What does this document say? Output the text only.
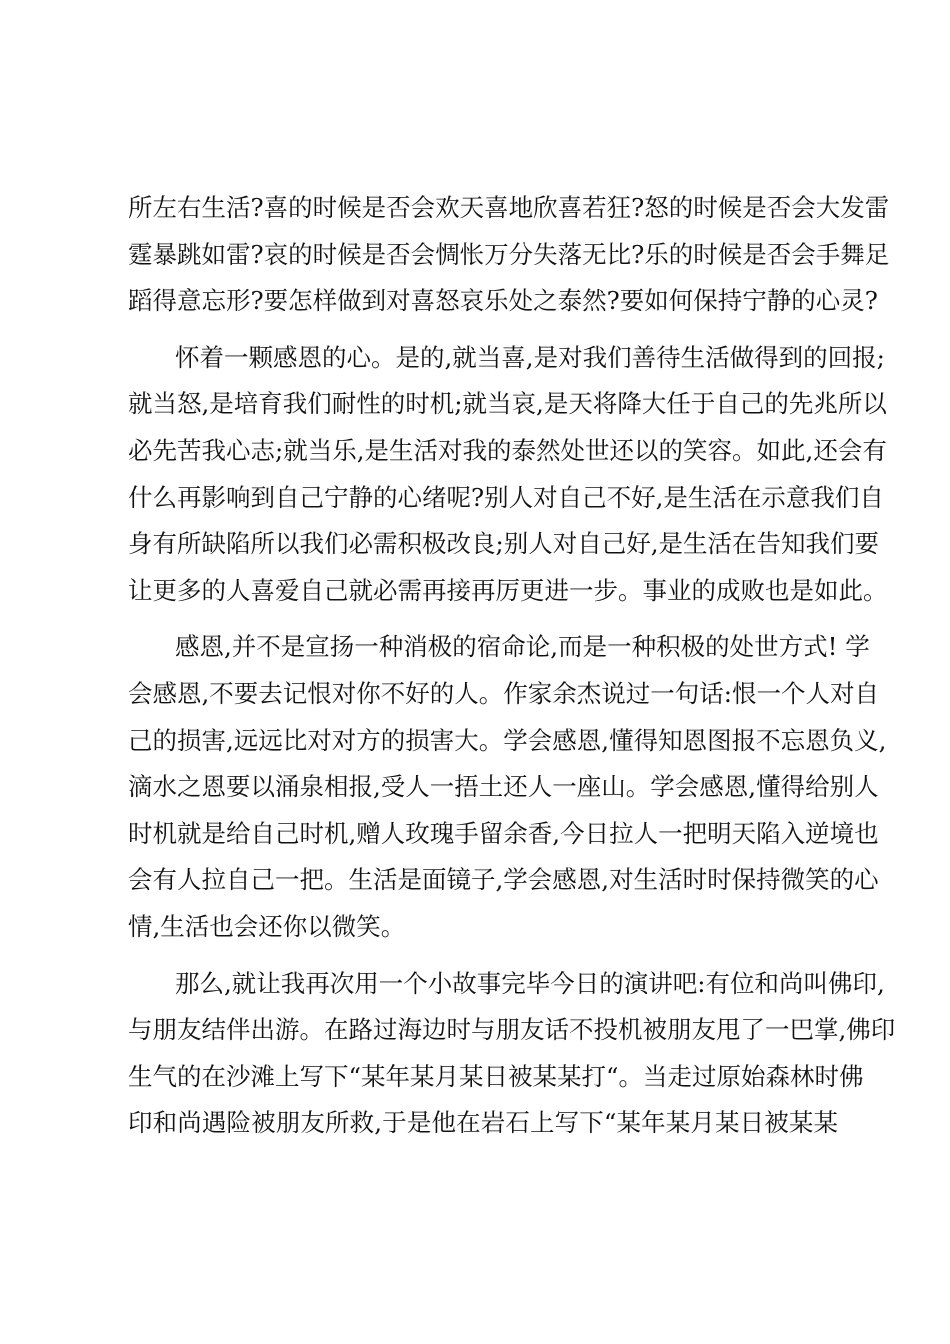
所左右生活?喜的时候是否会欢天喜地欣喜若狂?怒的时候是否会大发雷
霆暴跳如雷?哀的时候是否会惆怅万分失落无比?乐的时候是否会手舞足
蹈得意忘形?要怎样做到对喜怒哀乐处之泰然?要如何保持宁静的心灵?
怀着一颗感恩的心。是的,就当喜,是对我们善待生活做得到的回报;
就当怒,是培育我们耐性的时机;就当哀,是天将降大任于自己的先兆所以
必先苦我心志;就当乐,是生活对我的泰然处世还以的笑容。如此,还会有
什么再影响到自己宁静的心绪呢?别人对自己不好,是生活在示意我们自
身有所缺陷所以我们必需积极改良;别人对自己好,是生活在告知我们要
让更多的人喜爱自己就必需再接再厉更进一步。事业的成败也是如此。
感恩,并不是宣扬一种消极的宿命论,而是一种积极的处世方式! 学
会感恩,不要去记恨对你不好的人。作家余杰说过一句话:恨一个人对自
己的损害,远远比对对方的损害大。学会感恩,懂得知恩图报不忘恩负义,
滴水之恩要以涌泉相报,受人一捂土还人一座山。学会感恩,懂得给别人
时机就是给自己时机,赠人玫瑰手留余香,今日拉人一把明天陷入逆境也
会有人拉自己一把。生活是面镜子,学会感恩,对生活时时保持微笑的心
情,生活也会还你以微笑。
那么,就让我再次用一个小故事完毕今日的演讲吧:有位和尚叫佛印,
与朋友结伴出游。在路过海边时与朋友话不投机被朋友甩了一巴掌,佛印
生气的在沙滩上写下“某年某月某日被某某打“。当走过原始森林时佛
印和尚遇险被朋友所救,于是他在岩石上写下“某年某月某日被某某
